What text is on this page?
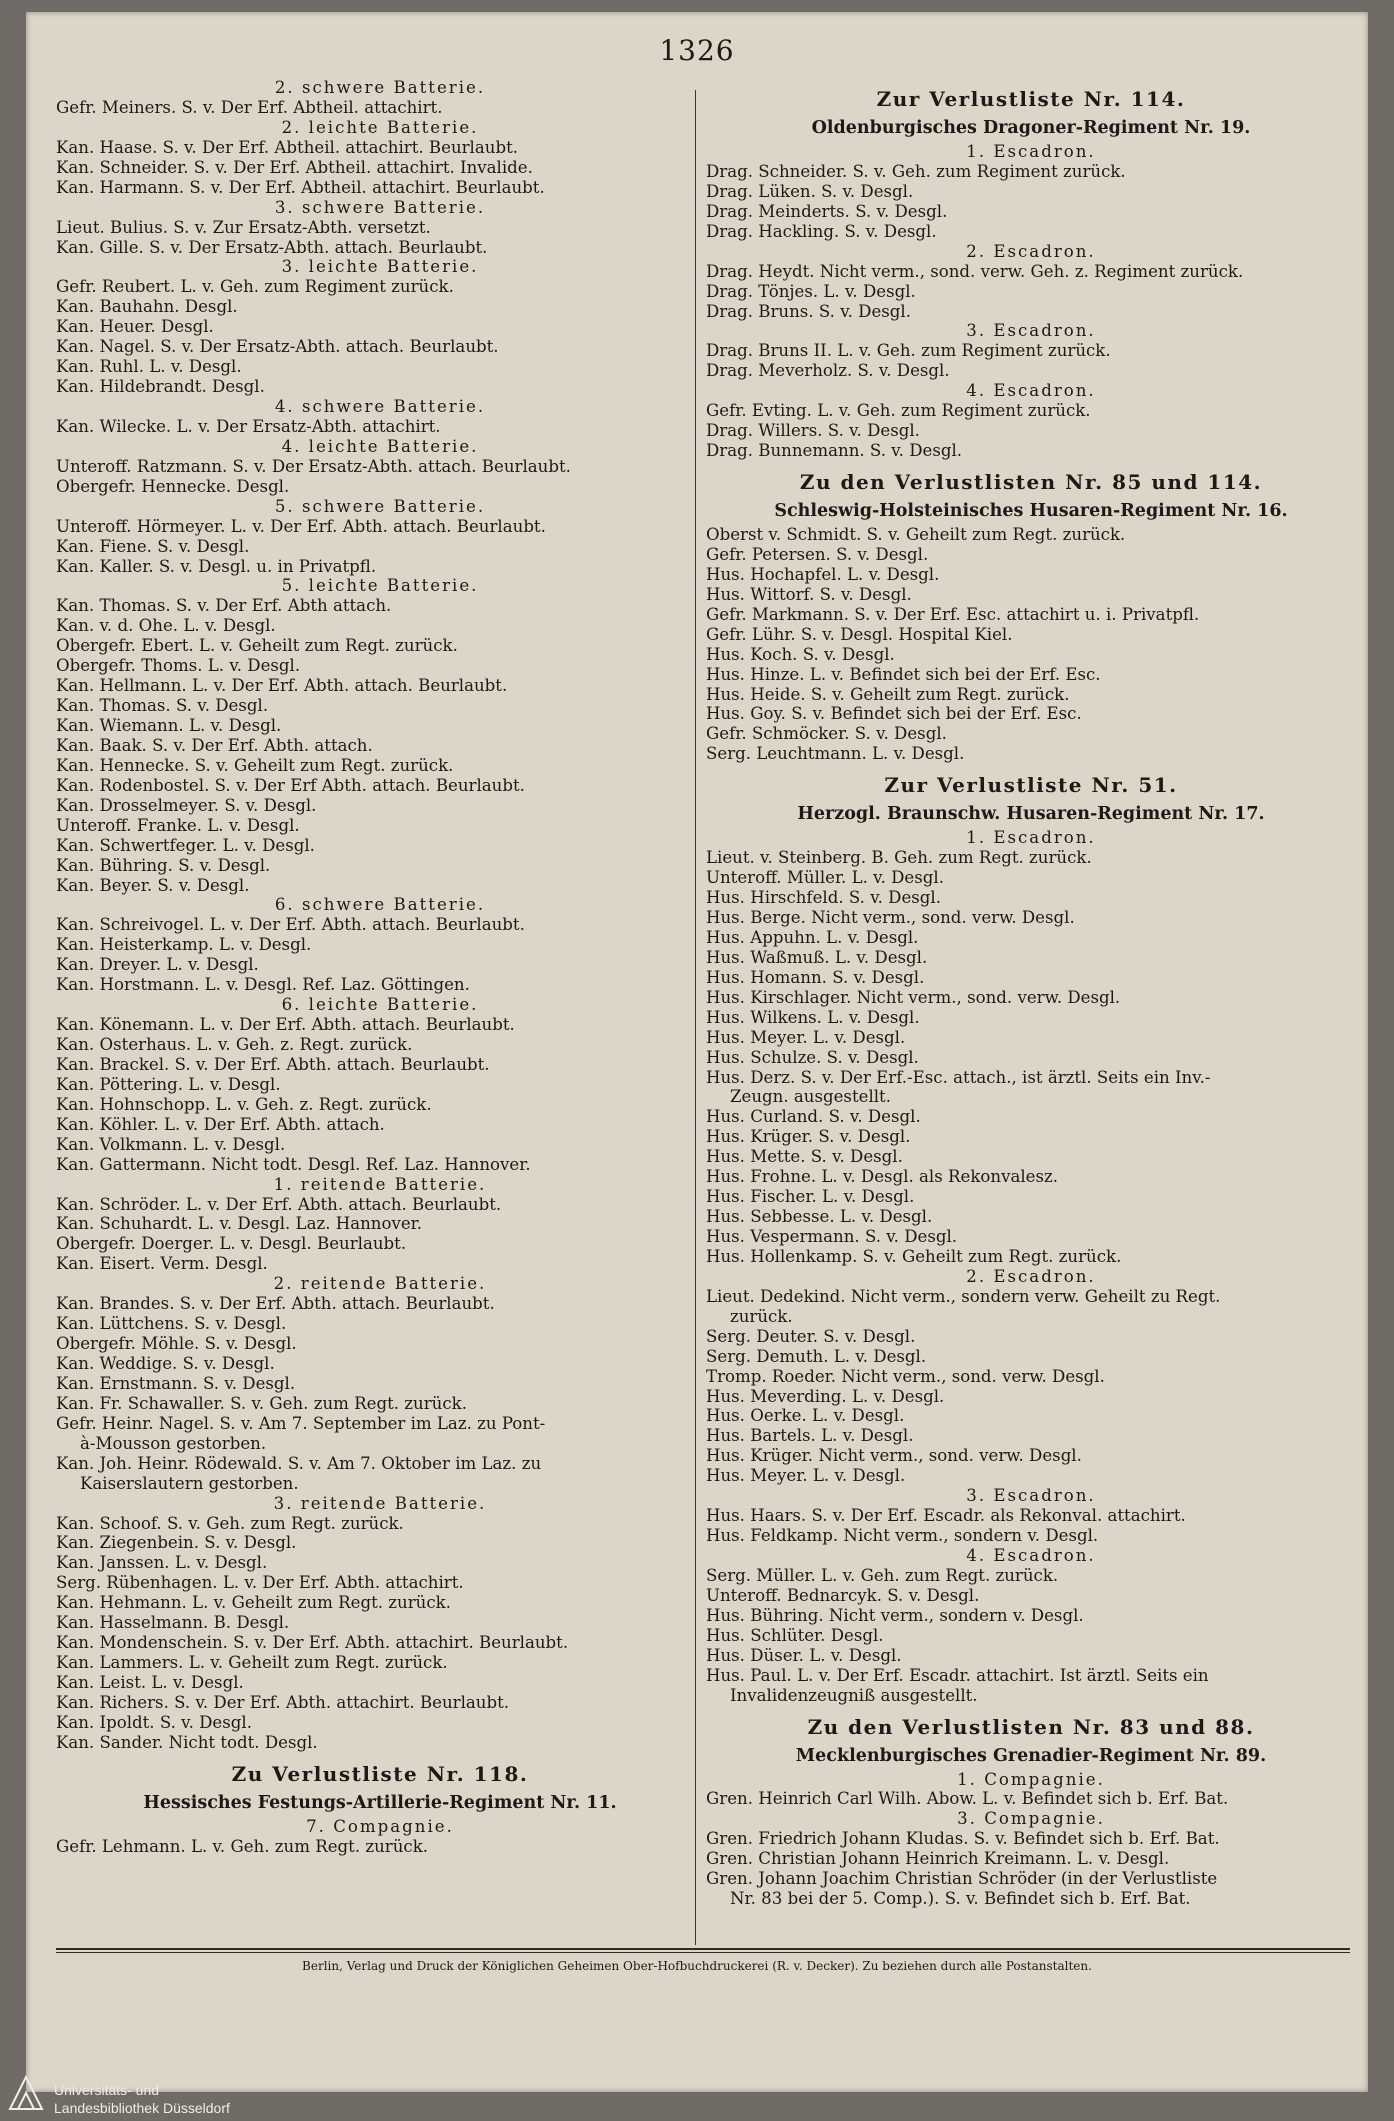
1326
2. schwere Batterie.
Gefr. Meiners. S. v. Der Erf. Abtheil. attachirt.
2. leichte Batterie.
Kan. Haase. S. v. Der Erf. Abtheil. attachirt. Beurlaubt.
Kan. Schneider. S. v. Der Erf. Abtheil. attachirt. Invalide.
Kan. Harmann. S. v. Der Erf. Abtheil. attachirt. Beurlaubt.
3. schwere Batterie.
Lieut. Bulius. S. v. Zur Ersatz-Abth. versetzt.
Kan. Gille. S. v. Der Ersatz-Abth. attach. Beurlaubt.
3. leichte Batterie.
Gefr. Reubert. L. v. Geh. zum Regiment zurück.
Kan. Bauhahn. Desgl.
Kan. Heuer. Desgl.
Kan. Nagel. S. v. Der Ersatz-Abth. attach. Beurlaubt.
Kan. Ruhl. L. v. Desgl.
Kan. Hildebrandt. Desgl.
4. schwere Batterie.
Kan. Wilecke. L. v. Der Ersatz-Abth. attachirt.
4. leichte Batterie.
Unteroff. Ratzmann. S. v. Der Ersatz-Abth. attach. Beurlaubt.
Obergefr. Hennecke. Desgl.
5. schwere Batterie.
Unteroff. Hörmeyer. L. v. Der Erf. Abth. attach. Beurlaubt.
Kan. Fiene. S. v. Desgl.
Kan. Kaller. S. v. Desgl. u. in Privatpfl.
5. leichte Batterie.
Kan. Thomas. S. v. Der Erf. Abth attach.
Kan. v. d. Ohe. L. v. Desgl.
Obergefr. Ebert. L. v. Geheilt zum Regt. zurück.
Obergefr. Thoms. L. v. Desgl.
Kan. Hellmann. L. v. Der Erf. Abth. attach. Beurlaubt.
Kan. Thomas. S. v. Desgl.
Kan. Wiemann. L. v. Desgl.
Kan. Baak. S. v. Der Erf. Abth. attach.
Kan. Hennecke. S. v. Geheilt zum Regt. zurück.
Kan. Rodenbostel. S. v. Der Erf Abth. attach. Beurlaubt.
Kan. Drosselmeyer. S. v. Desgl.
Unteroff. Franke. L. v. Desgl.
Kan. Schwertfeger. L. v. Desgl.
Kan. Bühring. S. v. Desgl.
Kan. Beyer. S. v. Desgl.
6. schwere Batterie.
Kan. Schreivogel. L. v. Der Erf. Abth. attach. Beurlaubt.
Kan. Heisterkamp. L. v. Desgl.
Kan. Dreyer. L. v. Desgl.
Kan. Horstmann. L. v. Desgl. Ref. Laz. Göttingen.
6. leichte Batterie.
Kan. Könemann. L. v. Der Erf. Abth. attach. Beurlaubt.
Kan. Osterhaus. L. v. Geh. z. Regt. zurück.
Kan. Brackel. S. v. Der Erf. Abth. attach. Beurlaubt.
Kan. Pöttering. L. v. Desgl.
Kan. Hohnschopp. L. v. Geh. z. Regt. zurück.
Kan. Köhler. L. v. Der Erf. Abth. attach.
Kan. Volkmann. L. v. Desgl.
Kan. Gattermann. Nicht todt. Desgl. Ref. Laz. Hannover.
1. reitende Batterie.
Kan. Schröder. L. v. Der Erf. Abth. attach. Beurlaubt.
Kan. Schuhardt. L. v. Desgl. Laz. Hannover.
Obergefr. Doerger. L. v. Desgl. Beurlaubt.
Kan. Eisert. Verm. Desgl.
2. reitende Batterie.
Kan. Brandes. S. v. Der Erf. Abth. attach. Beurlaubt.
Kan. Lüttchens. S. v. Desgl.
Obergefr. Möhle. S. v. Desgl.
Kan. Weddige. S. v. Desgl.
Kan. Ernstmann. S. v. Desgl.
Kan. Fr. Schawaller. S. v. Geh. zum Regt. zurück.
Gefr. Heinr. Nagel. S. v. Am 7. September im Laz. zu Pont-
à-Mousson gestorben.
Kan. Joh. Heinr. Rödewald. S. v. Am 7. Oktober im Laz. zu
Kaiserslautern gestorben.
3. reitende Batterie.
Kan. Schoof. S. v. Geh. zum Regt. zurück.
Kan. Ziegenbein. S. v. Desgl.
Kan. Janssen. L. v. Desgl.
Serg. Rübenhagen. L. v. Der Erf. Abth. attachirt.
Kan. Hehmann. L. v. Geheilt zum Regt. zurück.
Kan. Hasselmann. B. Desgl.
Kan. Mondenschein. S. v. Der Erf. Abth. attachirt. Beurlaubt.
Kan. Lammers. L. v. Geheilt zum Regt. zurück.
Kan. Leist. L. v. Desgl.
Kan. Richers. S. v. Der Erf. Abth. attachirt. Beurlaubt.
Kan. Ipoldt. S. v. Desgl.
Kan. Sander. Nicht todt. Desgl.
Zu Verlustliste Nr. 118.
Hessisches Festungs-Artillerie-Regiment Nr. 11.
7. Compagnie.
Gefr. Lehmann. L. v. Geh. zum Regt. zurück.
Zur Verlustliste Nr. 114.
Oldenburgisches Dragoner-Regiment Nr. 19.
1. Escadron.
Drag. Schneider. S. v. Geh. zum Regiment zurück.
Drag. Lüken. S. v. Desgl.
Drag. Meinderts. S. v. Desgl.
Drag. Hackling. S. v. Desgl.
2. Escadron.
Drag. Heydt. Nicht verm., sond. verw. Geh. z. Regiment zurück.
Drag. Tönjes. L. v. Desgl.
Drag. Bruns. S. v. Desgl.
3. Escadron.
Drag. Bruns II. L. v. Geh. zum Regiment zurück.
Drag. Meverholz. S. v. Desgl.
4. Escadron.
Gefr. Evting. L. v. Geh. zum Regiment zurück.
Drag. Willers. S. v. Desgl.
Drag. Bunnemann. S. v. Desgl.
Zu den Verlustlisten Nr. 85 und 114.
Schleswig-Holsteinisches Husaren-Regiment Nr. 16.
Oberst v. Schmidt. S. v. Geheilt zum Regt. zurück.
Gefr. Petersen. S. v. Desgl.
Hus. Hochapfel. L. v. Desgl.
Hus. Wittorf. S. v. Desgl.
Gefr. Markmann. S. v. Der Erf. Esc. attachirt u. i. Privatpfl.
Gefr. Lühr. S. v. Desgl. Hospital Kiel.
Hus. Koch. S. v. Desgl.
Hus. Hinze. L. v. Befindet sich bei der Erf. Esc.
Hus. Heide. S. v. Geheilt zum Regt. zurück.
Hus. Goy. S. v. Befindet sich bei der Erf. Esc.
Gefr. Schmöcker. S. v. Desgl.
Serg. Leuchtmann. L. v. Desgl.
Zur Verlustliste Nr. 51.
Herzogl. Braunschw. Husaren-Regiment Nr. 17.
1. Escadron.
Lieut. v. Steinberg. B. Geh. zum Regt. zurück.
Unteroff. Müller. L. v. Desgl.
Hus. Hirschfeld. S. v. Desgl.
Hus. Berge. Nicht verm., sond. verw. Desgl.
Hus. Appuhn. L. v. Desgl.
Hus. Waßmuß. L. v. Desgl.
Hus. Homann. S. v. Desgl.
Hus. Kirschlager. Nicht verm., sond. verw. Desgl.
Hus. Wilkens. L. v. Desgl.
Hus. Meyer. L. v. Desgl.
Hus. Schulze. S. v. Desgl.
Hus. Derz. S. v. Der Erf.-Esc. attach., ist ärztl. Seits ein Inv.-
Zeugn. ausgestellt.
Hus. Curland. S. v. Desgl.
Hus. Krüger. S. v. Desgl.
Hus. Mette. S. v. Desgl.
Hus. Frohne. L. v. Desgl. als Rekonvalesz.
Hus. Fischer. L. v. Desgl.
Hus. Sebbesse. L. v. Desgl.
Hus. Vespermann. S. v. Desgl.
Hus. Hollenkamp. S. v. Geheilt zum Regt. zurück.
2. Escadron.
Lieut. Dedekind. Nicht verm., sondern verw. Geheilt zu Regt.
zurück.
Serg. Deuter. S. v. Desgl.
Serg. Demuth. L. v. Desgl.
Tromp. Roeder. Nicht verm., sond. verw. Desgl.
Hus. Meverding. L. v. Desgl.
Hus. Oerke. L. v. Desgl.
Hus. Bartels. L. v. Desgl.
Hus. Krüger. Nicht verm., sond. verw. Desgl.
Hus. Meyer. L. v. Desgl.
3. Escadron.
Hus. Haars. S. v. Der Erf. Escadr. als Rekonval. attachirt.
Hus. Feldkamp. Nicht verm., sondern v. Desgl.
4. Escadron.
Serg. Müller. L. v. Geh. zum Regt. zurück.
Unteroff. Bednarcyk. S. v. Desgl.
Hus. Bühring. Nicht verm., sondern v. Desgl.
Hus. Schlüter. Desgl.
Hus. Düser. L. v. Desgl.
Hus. Paul. L. v. Der Erf. Escadr. attachirt. Ist ärztl. Seits ein
Invalidenzeugniß ausgestellt.
Zu den Verlustlisten Nr. 83 und 88.
Mecklenburgisches Grenadier-Regiment Nr. 89.
1. Compagnie.
Gren. Heinrich Carl Wilh. Abow. L. v. Befindet sich b. Erf. Bat.
3. Compagnie.
Gren. Friedrich Johann Kludas. S. v. Befindet sich b. Erf. Bat.
Gren. Christian Johann Heinrich Kreimann. L. v. Desgl.
Gren. Johann Joachim Christian Schröder (in der Verlustliste
Nr. 83 bei der 5. Comp.). S. v. Befindet sich b. Erf. Bat.
Berlin, Verlag und Druck der Königlichen Geheimen Ober-Hofbuchdruckerei (R. v. Decker). Zu beziehen durch alle Postanstalten.
Universitäts- und
Landesbibliothek Düsseldorf
